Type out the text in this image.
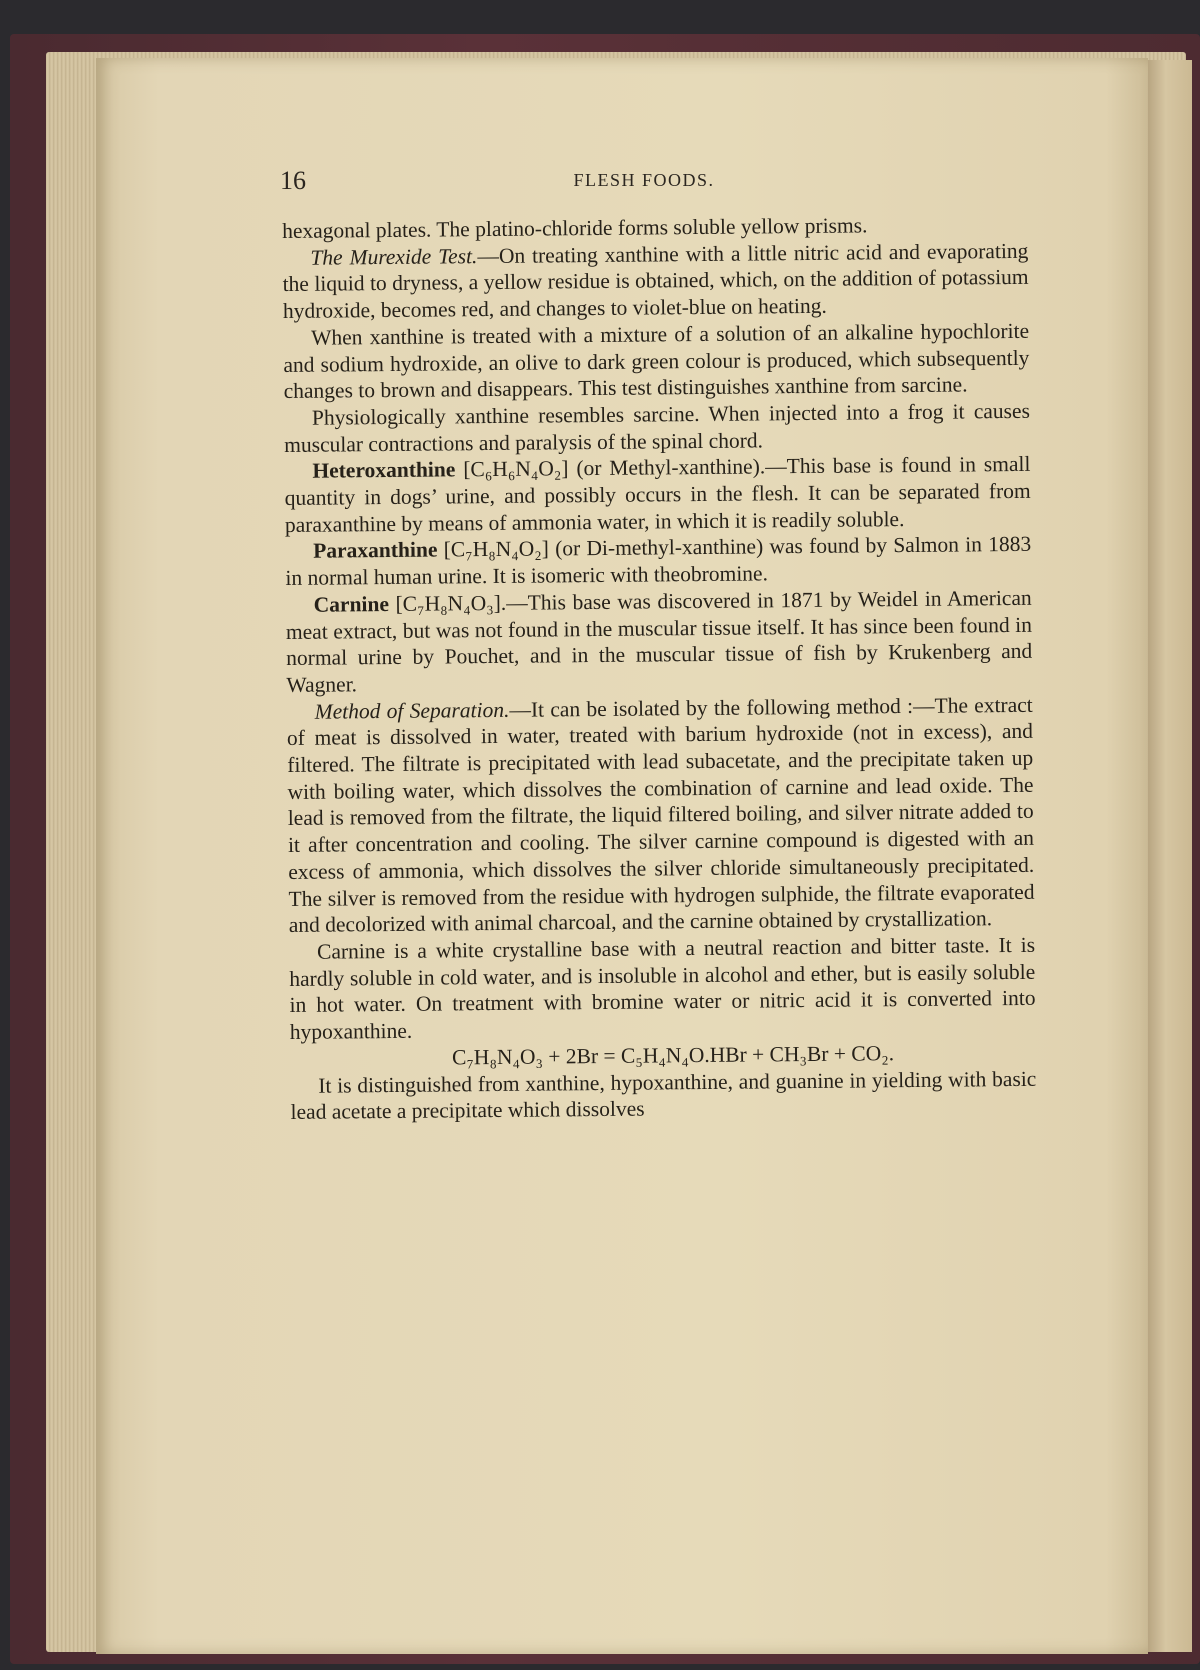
16	FLESH FOODS.

hexagonal plates. The platino-chloride forms soluble yellow prisms.

The Murexide Test.—On treating xanthine with a little nitric acid and evaporating the liquid to dryness, a yellow residue is obtained, which, on the addition of potassium hydroxide, becomes red, and changes to violet-blue on heating.

When xanthine is treated with a mixture of a solution of an alkaline hypochlorite and sodium hydroxide, an olive to dark green colour is produced, which subsequently changes to brown and disappears. This test distinguishes xanthine from sarcine.

Physiologically xanthine resembles sarcine. When injected into a frog it causes muscular contractions and paralysis of the spinal chord.

Heteroxanthine [C₆H₆N₄O₂] (or Methyl-xanthine).—This base is found in small quantity in dogs’ urine, and possibly occurs in the flesh. It can be separated from paraxanthine by means of ammonia water, in which it is readily soluble.

Paraxanthine [C₇H₈N₄O₂] (or Di-methyl-xanthine) was found by Salmon in 1883 in normal human urine. It is isomeric with theobromine.

Carnine [C₇H₈N₄O₃].—This base was discovered in 1871 by Weidel in American meat extract, but was not found in the muscular tissue itself. It has since been found in normal urine by Pouchet, and in the muscular tissue of fish by Krukenberg and Wagner.

Method of Separation.—It can be isolated by the following method :—The extract of meat is dissolved in water, treated with barium hydroxide (not in excess), and filtered. The filtrate is precipitated with lead subacetate, and the precipitate taken up with boiling water, which dissolves the combination of carnine and lead oxide. The lead is removed from the filtrate, the liquid filtered boiling, and silver nitrate added to it after concentration and cooling. The silver carnine compound is digested with an excess of ammonia, which dissolves the silver chloride simultaneously precipitated. The silver is removed from the residue with hydrogen sulphide, the filtrate evaporated and decolorized with animal charcoal, and the carnine obtained by crystallization.

Carnine is a white crystalline base with a neutral reaction and bitter taste. It is hardly soluble in cold water, and is insoluble in alcohol and ether, but is easily soluble in hot water. On treatment with bromine water or nitric acid it is converted into hypoxanthine.

C₇H₈N₄O₃ + 2Br = C₅H₄N₄O.HBr + CH₃Br + CO₂.

It is distinguished from xanthine, hypoxanthine, and guanine in yielding with basic lead acetate a precipitate which dissolves
